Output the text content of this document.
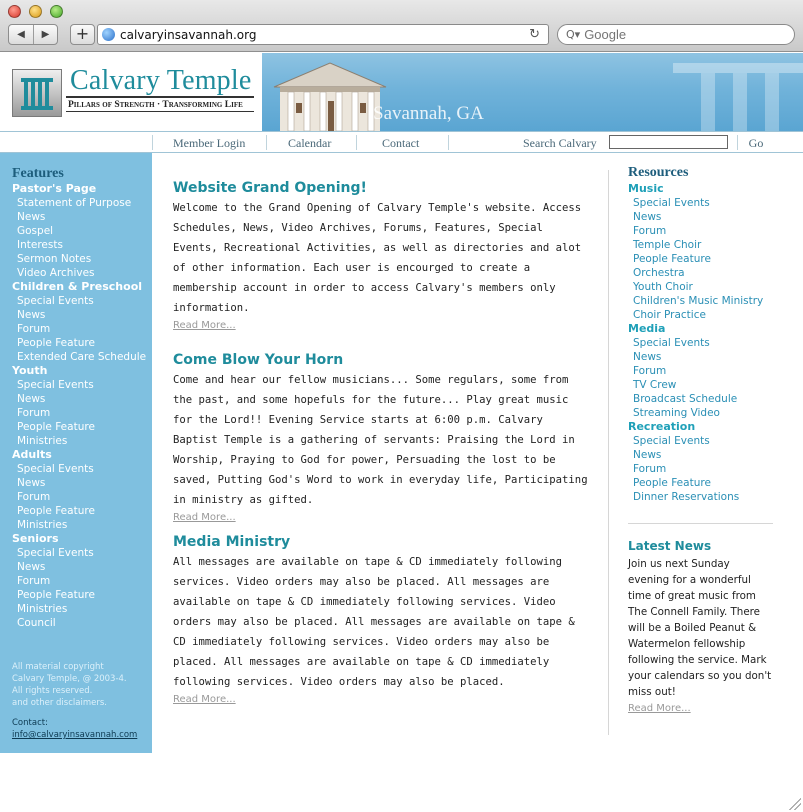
◀ ▶	+	calvaryinsavannah.org	↻ Q▾
Google
Calvary Temple
Pillars of Strength · Transforming Life	Savannah, GA
Member Login	Calendar	Contact	Search Calvary	Go
Features
Pastor's Page
Statement of Purpose
News
Gospel
Interests
Sermon Notes
Video Archives
Children & Preschool
Special Events
News
Forum
People Feature
Extended Care Schedule
Youth
Special Events
News
Forum
People Feature
Ministries
Adults
Special Events
News
Forum
People Feature
Ministries
Seniors
Special Events
News
Forum
People Feature
Ministries
Council
All material copyright
Calvary Temple, @ 2003-4.
All rights reserved.
and other disclaimers.
Contact:
info@calvaryinsavannah.com
Website Grand Opening!
Welcome to the Grand Opening of Calvary Temple's website. Access Schedules, News, Video Archives, Forums, Features, Special Events, Recreational Activities, as well as directories and alot of other information. Each user is encourged to create a membership account in order to access Calvary's members only information.
Read More...
Come Blow Your Horn
Come and hear our fellow musicians... Some regulars, some from the past, and some hopefuls for the future... Play great music for the Lord!! Evening Service starts at 6:00 p.m. Calvary Baptist Temple is a gathering of servants: Praising the Lord in Worship, Praying to God for power, Persuading the lost to be saved, Putting God's Word to work in everyday life, Participating in ministry as gifted.
Read More...
Media Ministry
All messages are available on tape & CD immediately following services. Video orders may also be placed. All messages are available on tape & CD immediately following services. Video orders may also be placed. All messages are available on tape & CD immediately following services. Video orders may also be placed. All messages are available on tape & CD immediately following services. Video orders may also be placed.
Read More...
Resources
Music
Special Events
News
Forum
Temple Choir
People Feature
Orchestra
Youth Choir
Children's Music Ministry
Choir Practice
Media
Special Events
News
Forum
TV Crew
Broadcast Schedule
Streaming Video
Recreation
Special Events
News
Forum
People Feature
Dinner Reservations
Latest News
Join us next Sunday evening for a wonderful time of great music from The Connell Family. There will be a Boiled Peanut & Watermelon fellowship following the service. Mark your calendars so you don't miss out!
Read More...
